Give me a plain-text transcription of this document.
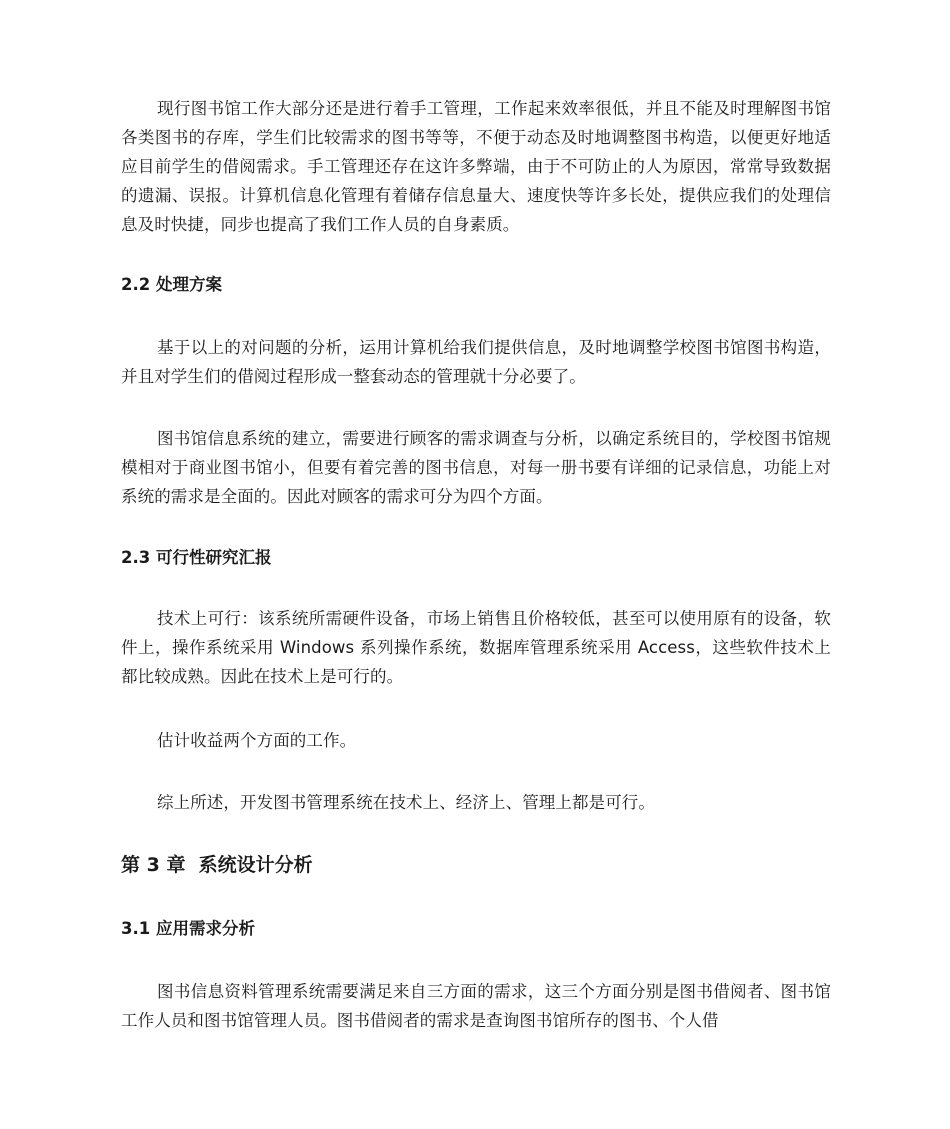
现行图书馆工作大部分还是进行着手工管理，工作起来效率很低，并且不能及时理解图书馆各类图书的存库，学生们比较需求的图书等等，不便于动态及时地调整图书构造，以便更好地适应目前学生的借阅需求。手工管理还存在这许多弊端，由于不可防止的人为原因，常常导致数据的遗漏、误报。计算机信息化管理有着储存信息量大、速度快等许多长处，提供应我们的处理信息及时快捷，同步也提高了我们工作人员的自身素质。

2.2 处理方案

基于以上的对问题的分析，运用计算机给我们提供信息，及时地调整学校图书馆图书构造，并且对学生们的借阅过程形成一整套动态的管理就十分必要了。

图书馆信息系统的建立，需要进行顾客的需求调查与分析，以确定系统目的，学校图书馆规模相对于商业图书馆小，但要有着完善的图书信息，对每一册书要有详细的记录信息，功能上对系统的需求是全面的。因此对顾客的需求可分为四个方面。

2.3 可行性研究汇报

技术上可行：该系统所需硬件设备，市场上销售且价格较低，甚至可以使用原有的设备，软件上，操作系统采用 Windows 系列操作系统，数据库管理系统采用 Access，这些软件技术上都比较成熟。因此在技术上是可行的。

估计收益两个方面的工作。

综上所述，开发图书管理系统在技术上、经济上、管理上都是可行。

第 3 章  系统设计分析
3.1 应用需求分析

图书信息资料管理系统需要满足来自三方面的需求，这三个方面分别是图书借阅者、图书馆工作人员和图书馆管理人员。图书借阅者的需求是查询图书馆所存的图书、个人借
